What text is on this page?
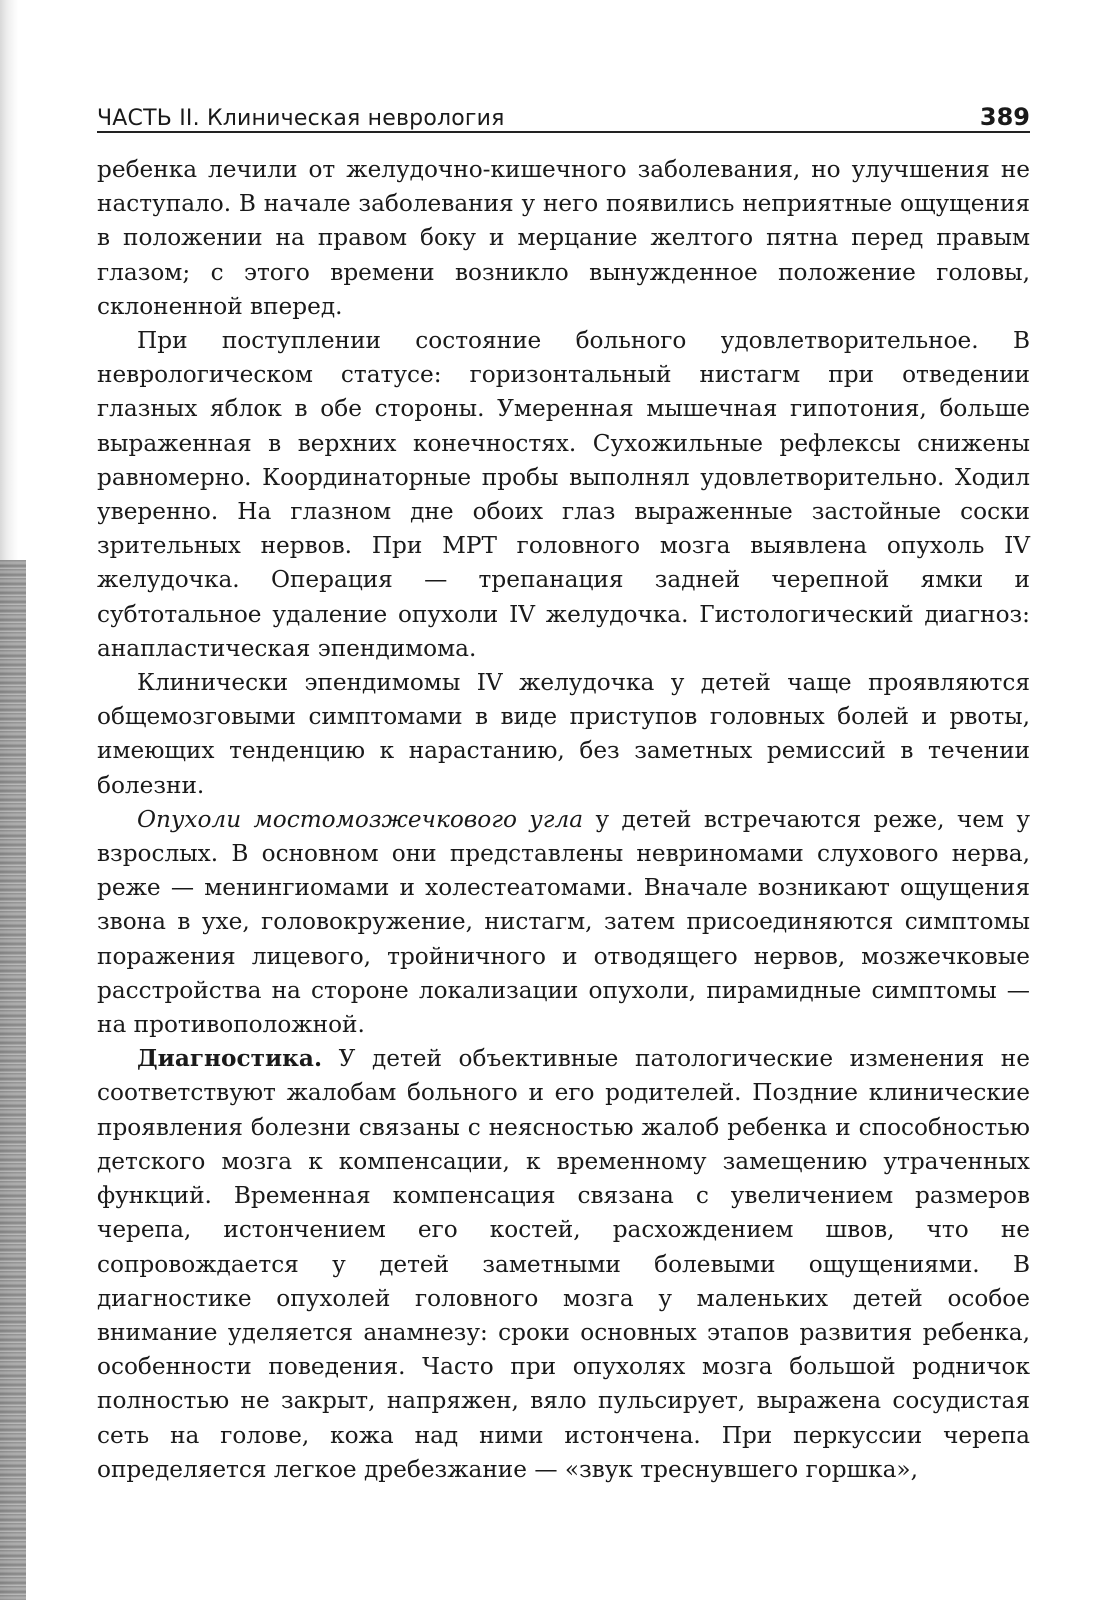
ЧАСТЬ II. Клиническая неврология	389

ребенка лечили от желудочно-кишечного заболевания, но улучшения не наступало. В начале заболевания у него появились неприятные ощущения в положении на правом боку и мерцание желтого пятна перед правым глазом; с этого времени возникло вынужденное положение головы, склоненной вперед.

При поступлении состояние больного удовлетворительное. В неврологическом статусе: горизонтальный нистагм при отведении глазных яблок в обе стороны. Умеренная мышечная гипотония, больше выраженная в верхних конечностях. Сухожильные рефлексы снижены равномерно. Координаторные пробы выполнял удовлетворительно. Ходил уверенно. На глазном дне обоих глаз выраженные застойные соски зрительных нервов. При МРТ головного мозга выявлена опухоль IV желудочка. Операция — трепанация задней черепной ямки и субтотальное удаление опухоли IV желудочка. Гистологический диагноз: анапластическая эпендимома.

Клинически эпендимомы IV желудочка у детей чаще проявляются общемозговыми симптомами в виде приступов головных болей и рвоты, имеющих тенденцию к нарастанию, без заметных ремиссий в течении болезни.

Опухоли мостомозжечкового угла у детей встречаются реже, чем у взрослых. В основном они представлены невриномами слухового нерва, реже — менингиомами и холестеатомами. Вначале возникают ощущения звона в ухе, головокружение, нистагм, затем присоединяются симптомы поражения лицевого, тройничного и отводящего нервов, мозжечковые расстройства на стороне локализации опухоли, пирамидные симптомы — на противоположной.

Диагностика. У детей объективные патологические изменения не соответствуют жалобам больного и его родителей. Поздние клинические проявления болезни связаны с неясностью жалоб ребенка и способностью детского мозга к компенсации, к временному замещению утраченных функций. Временная компенсация связана с увеличением размеров черепа, истончением его костей, расхождением швов, что не сопровождается у детей заметными болевыми ощущениями. В диагностике опухолей головного мозга у маленьких детей особое внимание уделяется анамнезу: сроки основных этапов развития ребенка, особенности поведения. Часто при опухолях мозга большой родничок полностью не закрыт, напряжен, вяло пульсирует, выражена сосудистая сеть на голове, кожа над ними истончена. При перкуссии черепа определяется легкое дребезжание — «звук треснувшего горшка»,
